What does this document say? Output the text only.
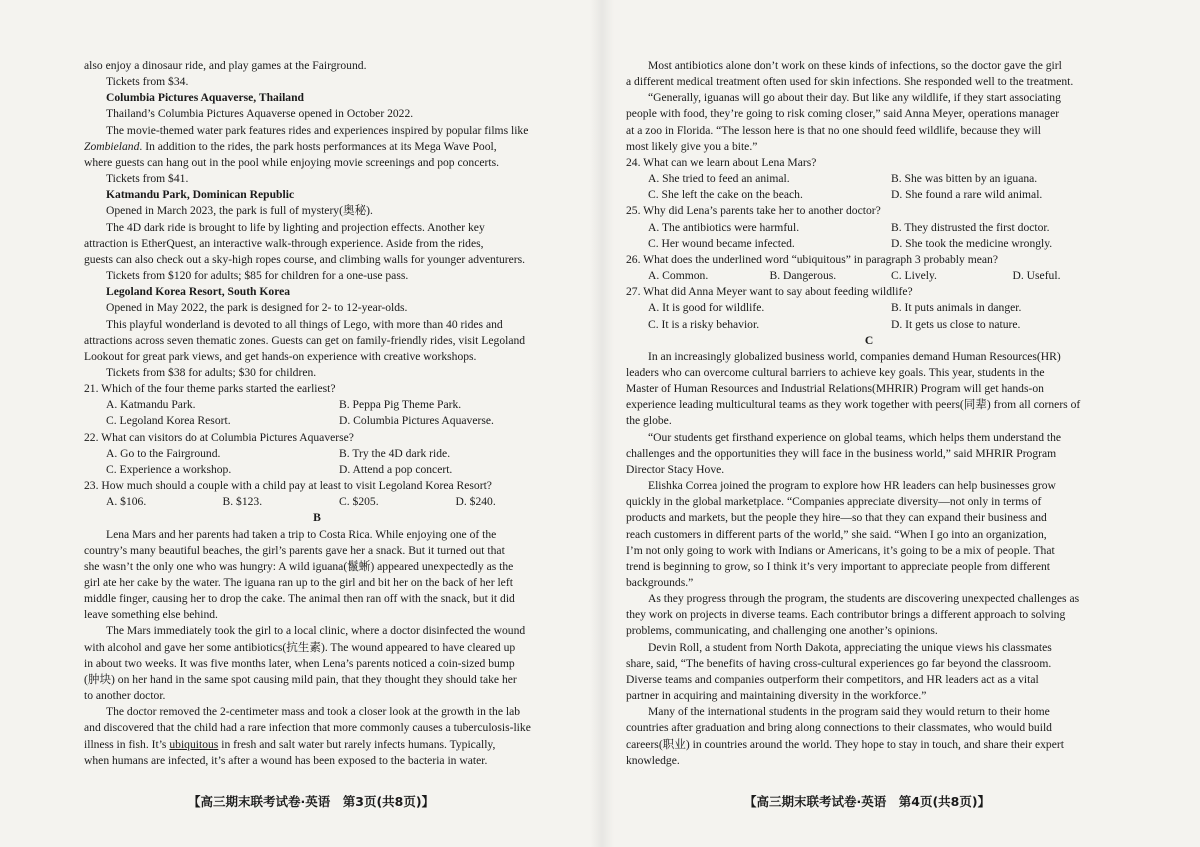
also enjoy a dinosaur ride, and play games at the Fairground.

Tickets from $34.

Columbia Pictures Aquaverse, Thailand

Thailand’s Columbia Pictures Aquaverse opened in October 2022.

The movie-themed water park features rides and experiences inspired by popular films like

Zombieland. In addition to the rides, the park hosts performances at its Mega Wave Pool,

where guests can hang out in the pool while enjoying movie screenings and pop concerts.

Tickets from $41.

Katmandu Park, Dominican Republic

Opened in March 2023, the park is full of mystery(奥秘).

The 4D dark ride is brought to life by lighting and projection effects. Another key

attraction is EtherQuest, an interactive walk-through experience. Aside from the rides,

guests can also check out a sky-high ropes course, and climbing walls for younger adventurers.

Tickets from $120 for adults; $85 for children for a one-use pass.

Legoland Korea Resort, South Korea

Opened in May 2022, the park is designed for 2- to 12-year-olds.

This playful wonderland is devoted to all things of Lego, with more than 40 rides and

attractions across seven thematic zones. Guests can get on family-friendly rides, visit Legoland

Lookout for great park views, and get hands-on experience with creative workshops.

Tickets from $38 for adults; $30 for children.

21. Which of the four theme parks started the earliest?

A. Katmandu Park.	B. Peppa Pig Theme Park.
C. Legoland Korea Resort.	D. Columbia Pictures Aquaverse.

22. What can visitors do at Columbia Pictures Aquaverse?

A. Go to the Fairground.	B. Try the 4D dark ride.
C. Experience a workshop.	D. Attend a pop concert.

23. How much should a couple with a child pay at least to visit Legoland Korea Resort?

A. $106.	B. $123.	C. $205.	D. $240.

B

Lena Mars and her parents had taken a trip to Costa Rica. While enjoying one of the

country’s many beautiful beaches, the girl’s parents gave her a snack. But it turned out that

she wasn’t the only one who was hungry: A wild iguana(鬣蜥) appeared unexpectedly as the

girl ate her cake by the water. The iguana ran up to the girl and bit her on the back of her left

middle finger, causing her to drop the cake. The animal then ran off with the snack, but it did

leave something else behind.

The Mars immediately took the girl to a local clinic, where a doctor disinfected the wound

with alcohol and gave her some antibiotics(抗生素). The wound appeared to have cleared up

in about two weeks. It was five months later, when Lena’s parents noticed a coin-sized bump

(肿块) on her hand in the same spot causing mild pain, that they thought they should take her

to another doctor.

The doctor removed the 2-centimeter mass and took a closer look at the growth in the lab

and discovered that the child had a rare infection that more commonly causes a tuberculosis-like

illness in fish. It’s ubiquitous in fresh and salt water but rarely infects humans. Typically,

when humans are infected, it’s after a wound has been exposed to the bacteria in water.

Most antibiotics alone don’t work on these kinds of infections, so the doctor gave the girl

a different medical treatment often used for skin infections. She responded well to the treatment.

“Generally, iguanas will go about their day. But like any wildlife, if they start associating

people with food, they’re going to risk coming closer,” said Anna Meyer, operations manager

at a zoo in Florida. “The lesson here is that no one should feed wildlife, because they will

most likely give you a bite.”

24. What can we learn about Lena Mars?

A. She tried to feed an animal.	B. She was bitten by an iguana.
C. She left the cake on the beach.	D. She found a rare wild animal.

25. Why did Lena’s parents take her to another doctor?

A. The antibiotics were harmful.	B. They distrusted the first doctor.
C. Her wound became infected.	D. She took the medicine wrongly.

26. What does the underlined word “ubiquitous” in paragraph 3 probably mean?

A. Common.	B. Dangerous.	C. Lively.	D. Useful.

27. What did Anna Meyer want to say about feeding wildlife?

A. It is good for wildlife.	B. It puts animals in danger.
C. It is a risky behavior.	D. It gets us close to nature.

C

In an increasingly globalized business world, companies demand Human Resources(HR)

leaders who can overcome cultural barriers to achieve key goals. This year, students in the

Master of Human Resources and Industrial Relations(MHRIR) Program will get hands-on

experience leading multicultural teams as they work together with peers(同辈) from all corners of

the globe.

“Our students get firsthand experience on global teams, which helps them understand the

challenges and the opportunities they will face in the business world,” said MHRIR Program

Director Stacy Hove.

Elishka Correa joined the program to explore how HR leaders can help businesses grow

quickly in the global marketplace. “Companies appreciate diversity—not only in terms of

products and markets, but the people they hire—so that they can expand their business and

reach customers in different parts of the world,” she said. “When I go into an organization,

I’m not only going to work with Indians or Americans, it’s going to be a mix of people. That

trend is beginning to grow, so I think it’s very important to appreciate people from different

backgrounds.”

As they progress through the program, the students are discovering unexpected challenges as

they work on projects in diverse teams. Each contributor brings a different approach to solving

problems, communicating, and challenging one another’s opinions.

Devin Roll, a student from North Dakota, appreciating the unique views his classmates

share, said, “The benefits of having cross-cultural experiences go far beyond the classroom.

Diverse teams and companies outperform their competitors, and HR leaders act as a vital

partner in acquiring and maintaining diversity in the workforce.”

Many of the international students in the program said they would return to their home

countries after graduation and bring along connections to their classmates, who would build

careers(职业) in countries around the world. They hope to stay in touch, and share their expert

knowledge.

【高三期末联考试卷·英语　第3页(共8页)】	【高三期末联考试卷·英语　第4页(共8页)】
